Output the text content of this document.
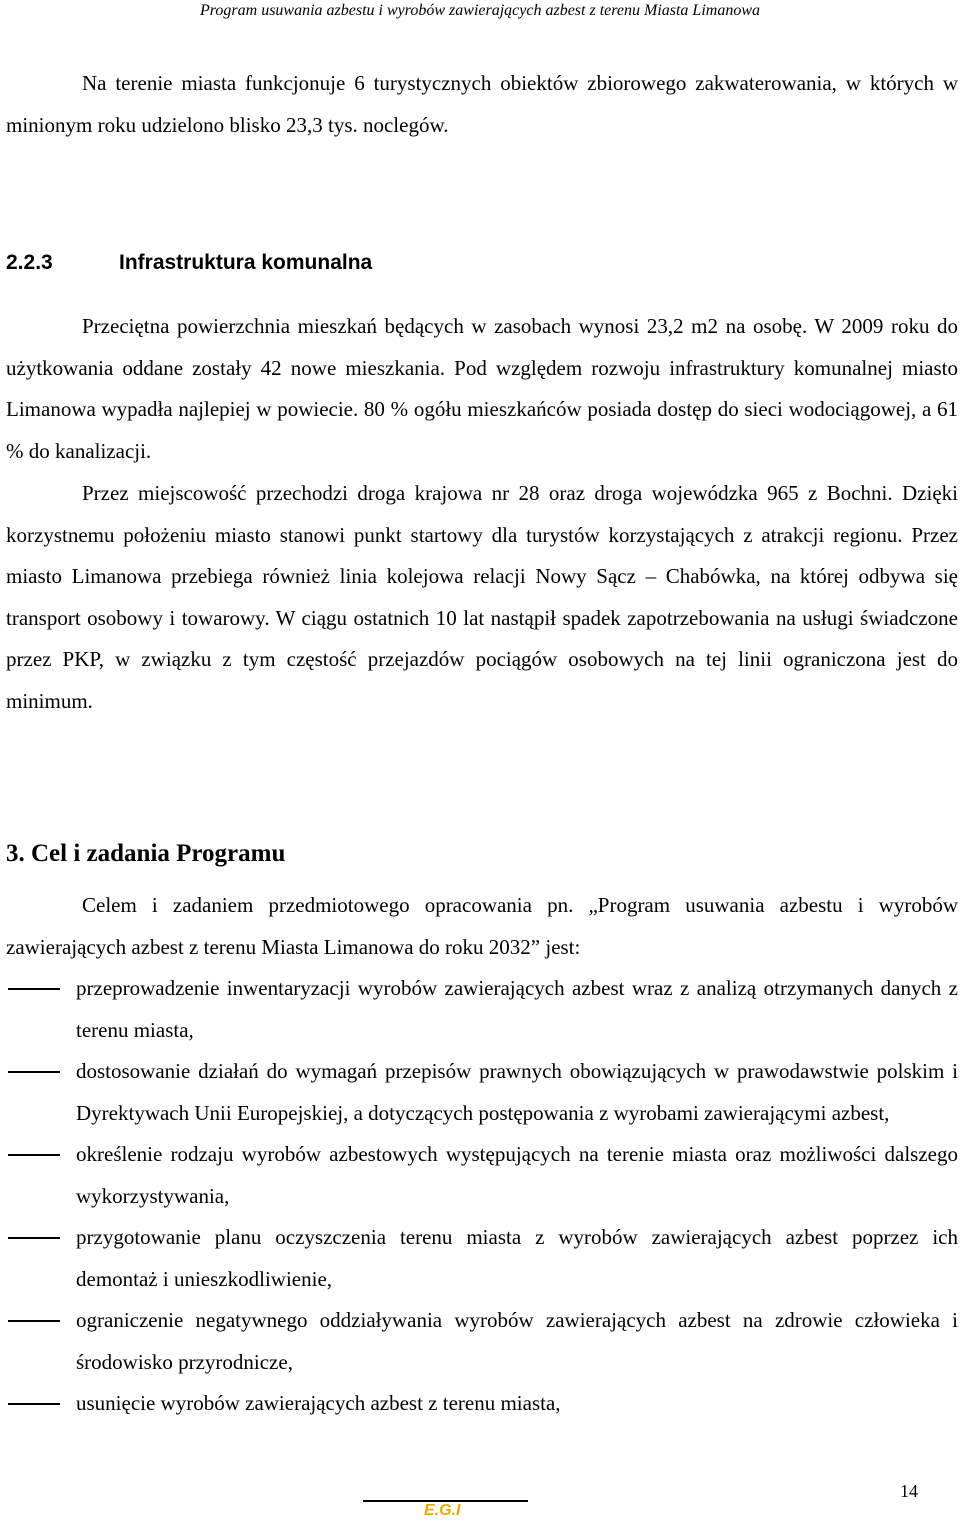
Program usuwania azbestu i wyrobów zawierających azbest z terenu Miasta Limanowa
Na terenie miasta funkcjonuje 6 turystycznych obiektów zbiorowego zakwaterowania, w których w minionym roku udzielono blisko 23,3 tys. noclegów.
2.2.3	Infrastruktura komunalna
Przeciętna powierzchnia mieszkań będących w zasobach wynosi 23,2 m2 na osobę. W 2009 roku do użytkowania oddane zostały 42 nowe mieszkania. Pod względem rozwoju infrastruktury komunalnej miasto Limanowa wypadła najlepiej w powiecie. 80 % ogółu mieszkańców posiada dostęp do sieci wodociągowej, a 61 % do kanalizacji.
Przez miejscowość przechodzi droga krajowa nr 28 oraz droga wojewódzka 965 z Bochni. Dzięki korzystnemu położeniu miasto stanowi punkt startowy dla turystów korzystających z atrakcji regionu. Przez miasto Limanowa przebiega również linia kolejowa relacji Nowy Sącz – Chabówka, na której odbywa się transport osobowy i towarowy. W ciągu ostatnich 10 lat nastąpił spadek zapotrzebowania na usługi świadczone przez PKP, w związku z tym częstość przejazdów pociągów osobowych na tej linii ograniczona jest do minimum.
3. Cel i zadania Programu
Celem i zadaniem przedmiotowego opracowania pn. „Program usuwania azbestu i wyrobów zawierających azbest z terenu Miasta Limanowa do roku 2032” jest:
przeprowadzenie inwentaryzacji wyrobów zawierających azbest wraz z analizą otrzymanych danych z terenu miasta,
dostosowanie działań do wymagań przepisów prawnych obowiązujących w prawodawstwie polskim i Dyrektywach Unii Europejskiej, a dotyczących postępowania z wyrobami zawierającymi azbest,
określenie rodzaju wyrobów azbestowych występujących na terenie miasta oraz możliwości dalszego wykorzystywania,
przygotowanie planu oczyszczenia terenu miasta z wyrobów zawierających azbest poprzez ich demontaż i unieszkodliwienie,
ograniczenie negatywnego oddziaływania wyrobów zawierających azbest na zdrowie człowieka i środowisko przyrodnicze,
usunięcie wyrobów zawierających azbest z terenu miasta,
14
E.G.I
